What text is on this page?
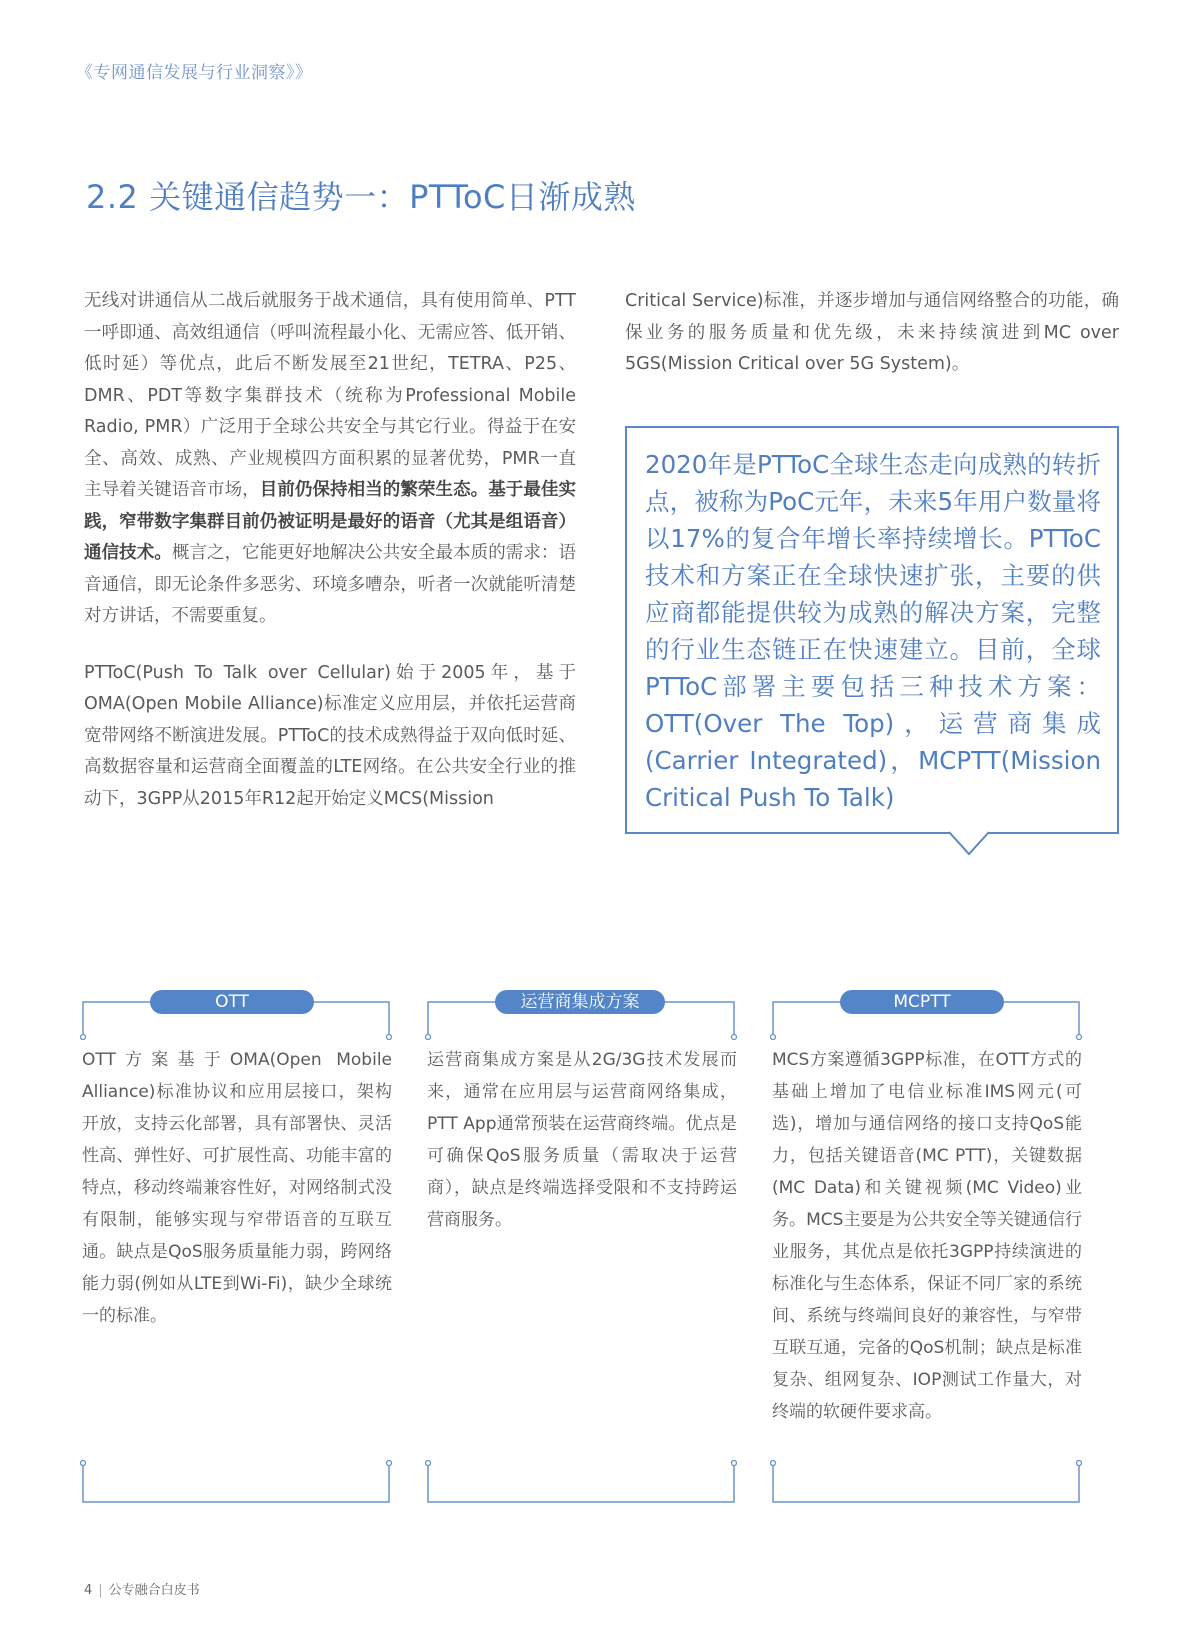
《专网通信发展与行业洞察》》
2.2 关键通信趋势一：PTToC日渐成熟

无线对讲通信从二战后就服务于战术通信，具有使用简单、PTT一呼即通、高效组通信（呼叫流程最小化、无需应答、低开销、低时延）等优点，此后不断发展至21世纪，TETRA、P25、DMR、PDT等数字集群技术（统称为Professional Mobile Radio, PMR）广泛用于全球公共安全与其它行业。得益于在安全、高效、成熟、产业规模四方面积累的显著优势，PMR一直主导着关键语音市场，目前仍保持相当的繁荣生态。基于最佳实践，窄带数字集群目前仍被证明是最好的语音（尤其是组语音）通信技术。概言之，它能更好地解决公共安全最本质的需求：语音通信，即无论条件多恶劣、环境多嘈杂，听者一次就能听清楚对方讲话，不需要重复。

PTToC(Push To Talk over Cellular)始于2005年，基于OMA(Open Mobile Alliance)标准定义应用层，并依托运营商宽带网络不断演进发展。PTToC的技术成熟得益于双向低时延、高数据容量和运营商全面覆盖的LTE网络。在公共安全行业的推动下，3GPP从2015年R12起开始定义MCS(Mission

Critical Service)标准，并逐步增加与通信网络整合的功能，确保业务的服务质量和优先级，未来持续演进到MC over 5GS(Mission Critical over 5G System)。

2020年是PTToC全球生态走向成熟的转折点，被称为PoC元年，未来5年用户数量将以17%的复合年增长率持续增长。PTToC技术和方案正在全球快速扩张，主要的供应商都能提供较为成熟的解决方案，完整的行业生态链正在快速建立。目前，全球PTToC部署主要包括三种技术方案：OTT(Over The Top)，运营商集成(Carrier Integrated)，MCPTT(Mission Critical Push To Talk)
OTT
OTT方案基于OMA(Open Mobile Alliance)标准协议和应用层接口，架构开放，支持云化部署，具有部署快、灵活性高、弹性好、可扩展性高、功能丰富的特点，移动终端兼容性好，对网络制式没有限制，能够实现与窄带语音的互联互通。缺点是QoS服务质量能力弱，跨网络能力弱(例如从LTE到Wi-Fi)，缺少全球统一的标准。
运营商集成方案
运营商集成方案是从2G/3G技术发展而来，通常在应用层与运营商网络集成，PTT App通常预装在运营商终端。优点是可确保QoS服务质量（需取决于运营商），缺点是终端选择受限和不支持跨运营商服务。
MCPTT
MCS方案遵循3GPP标准，在OTT方式的基础上增加了电信业标准IMS网元(可选)，增加与通信网络的接口支持QoS能力，包括关键语音(MC PTT)，关键数据(MC Data)和关键视频(MC Video)业务。MCS主要是为公共安全等关键通信行业服务，其优点是依托3GPP持续演进的标准化与生态体系，保证不同厂家的系统间、系统与终端间良好的兼容性，与窄带互联互通，完备的QoS机制；缺点是标准复杂、组网复杂、IOP测试工作量大，对终端的软硬件要求高。
4 | 公专融合白皮书
